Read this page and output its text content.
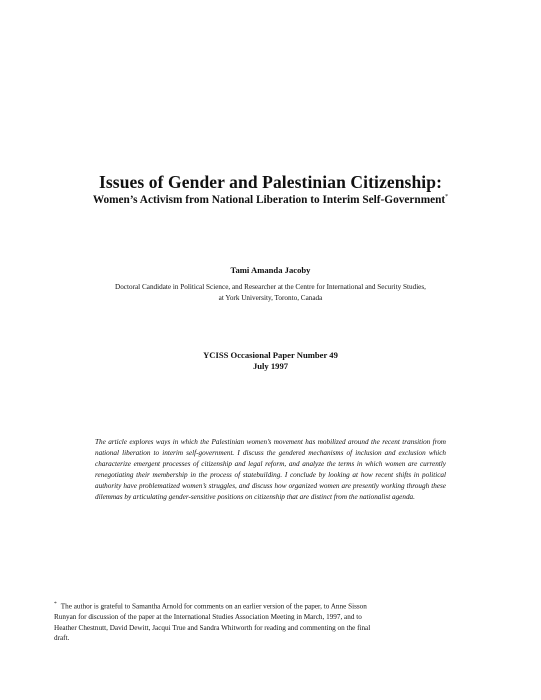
Issues of Gender and Palestinian Citizenship:
Women’s Activism from National Liberation to Interim Self-Government*
Tami Amanda Jacoby
Doctoral Candidate in Political Science, and Researcher at the Centre for International and Security Studies,
at York University, Toronto, Canada
YCISS Occasional Paper Number 49
July 1997
The article explores ways in which the Palestinian women’s movement has mobilized around the recent transition from national liberation to interim self-government. I discuss the gendered mechanisms of inclusion and exclusion which characterize emergent processes of citizenship and legal reform, and analyze the terms in which women are currently renegotiating their membership in the process of statebuilding. I conclude by looking at how recent shifts in political authority have problematized women’s struggles, and discuss how organized women are presently working through these dilemmas by articulating gender-sensitive positions on citizenship that are distinct from the nationalist agenda.
* The author is grateful to Samantha Arnold for comments on an earlier version of the paper, to Anne Sisson Runyan for discussion of the paper at the International Studies Association Meeting in March, 1997, and to Heather Chestnutt, David Dewitt, Jacqui True and Sandra Whitworth for reading and commenting on the final draft.
